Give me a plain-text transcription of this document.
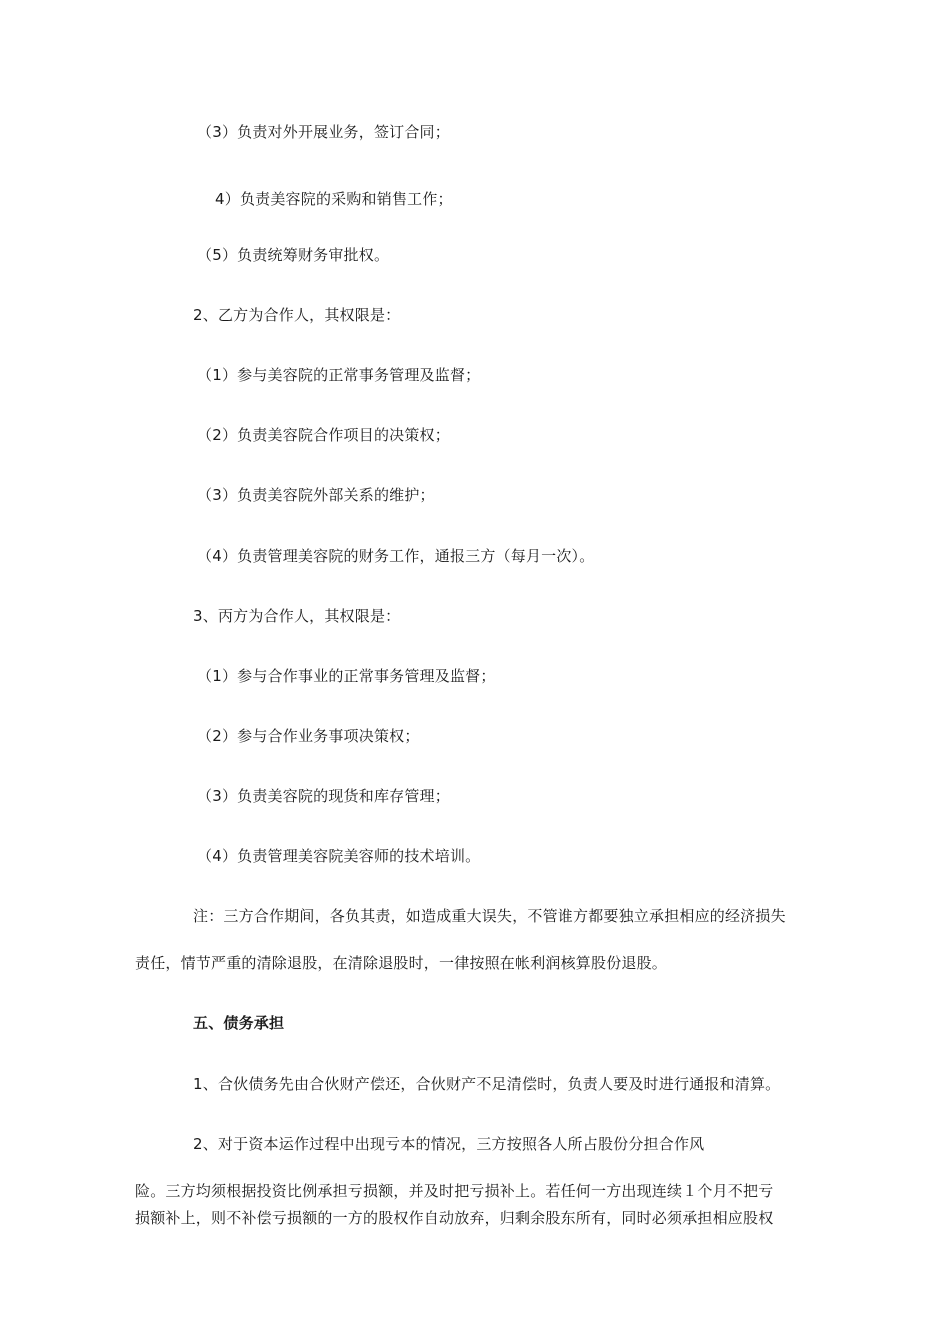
（3）负责对外开展业务，签订合同；
4）负责美容院的采购和销售工作；
（5）负责统筹财务审批权。
2、乙方为合作人，其权限是：
（1）参与美容院的正常事务管理及监督；
（2）负责美容院合作项目的决策权；
（3）负责美容院外部关系的维护；
（4）负责管理美容院的财务工作，通报三方（每月一次）。
3、丙方为合作人，其权限是：
（1）参与合作事业的正常事务管理及监督；
（2）参与合作业务事项决策权；
（3）负责美容院的现货和库存管理；
（4）负责管理美容院美容师的技术培训。
注：三方合作期间，各负其责，如造成重大误失，不管谁方都要独立承担相应的经济损失
责任，情节严重的清除退股，在清除退股时，一律按照在帐利润核算股份退股。
五、债务承担
1、合伙债务先由合伙财产偿还，合伙财产不足清偿时，负责人要及时进行通报和清算。
2、对于资本运作过程中出现亏本的情况，三方按照各人所占股份分担合作风
险。三方均须根据投资比例承担亏损额，并及时把亏损补上。若任何一方出现连续１个月不把亏
损额补上，则不补偿亏损额的一方的股权作自动放弃，归剩余股东所有，同时必须承担相应股权
